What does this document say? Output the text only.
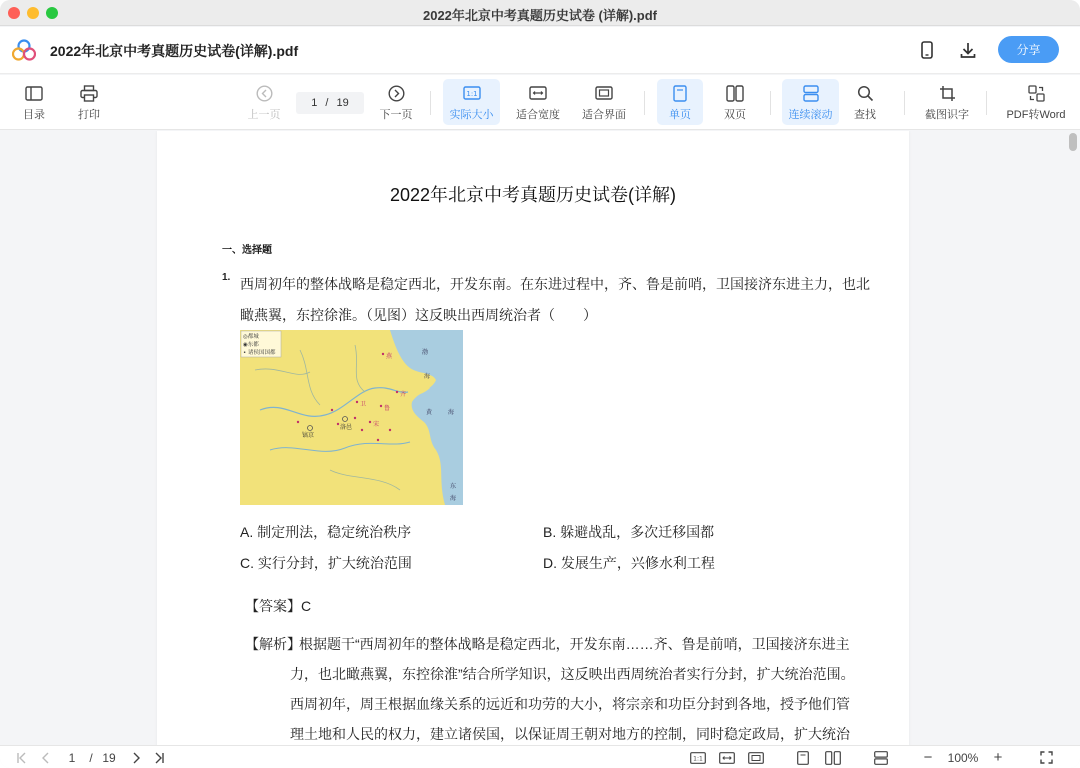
2022年北京中考真题历史试卷 (详解).pdf
2022年北京中考真题历史试卷(详解).pdf	分享
目录	打印	上一页
1 / 19
下一页
1:1
实际大小 适合宽度 适合界面	单页	双页	连续滚动 查找	截图识字	PDF转Word
2022年北京中考真题历史试卷(详解)
一、选择题
1. 西周初年的整体战略是稳定西北，开发东南。在东进过程中，齐、鲁是前哨，卫国接济东进主力，也北
瞰燕翼，东控徐淮。（见图）这反映出西周统治者（　　）
◎都城
◉东都
• 诸侯国国都	渤
海
黄	海
东
海
镐京
洛邑
燕
齐
鲁
卫
宋
A. 制定刑法，稳定统治秩序	B. 躲避战乱，多次迁移国都
C. 实行分封，扩大统治范围	D. 发展生产，兴修水利工程
【答案】C
【解析】
根据题干“西周初年的整体战略是稳定西北，开发东南……齐、鲁是前哨，卫国接济东进主
力，也北瞰燕翼，东控徐淮”结合所学知识，这反映出西周统治者实行分封，扩大统治范围。
西周初年，周王根据血缘关系的远近和功劳的大小，将宗亲和功臣分封到各地，授予他们管
理土地和人民的权力，建立诸侯国，以保证周王朝对地方的控制，同时稳定政局，扩大统治
1	/ 19	1:1	−	100% +
